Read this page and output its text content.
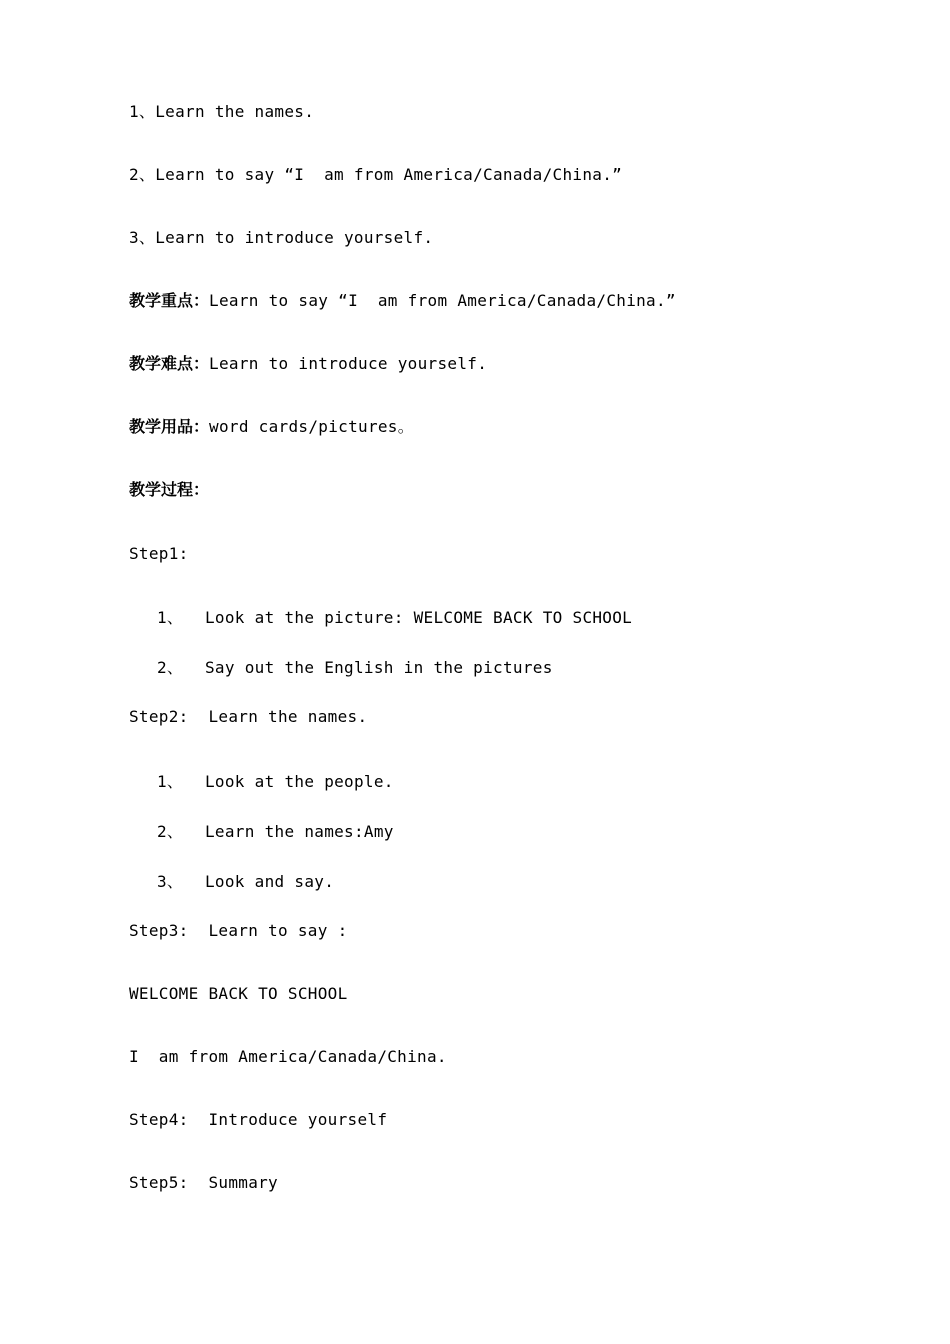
1、Learn the names.
2、Learn to say “I  am from America/Canada/China.”
3、Learn to introduce yourself.
教学重点：Learn to say “I  am from America/Canada/China.”
教学难点：Learn to introduce yourself.
教学用品：word cards/pictures。
教学过程：
Step1:
1、 Look at the picture: WELCOME BACK TO SCHOOL
2、 Say out the English in the pictures
Step2:  Learn the names.
1、 Look at the people.
2、 Learn the names:Amy
3、 Look and say.
Step3:  Learn to say :
WELCOME BACK TO SCHOOL
I  am from America/Canada/China.
Step4:  Introduce yourself
Step5:  Summary
